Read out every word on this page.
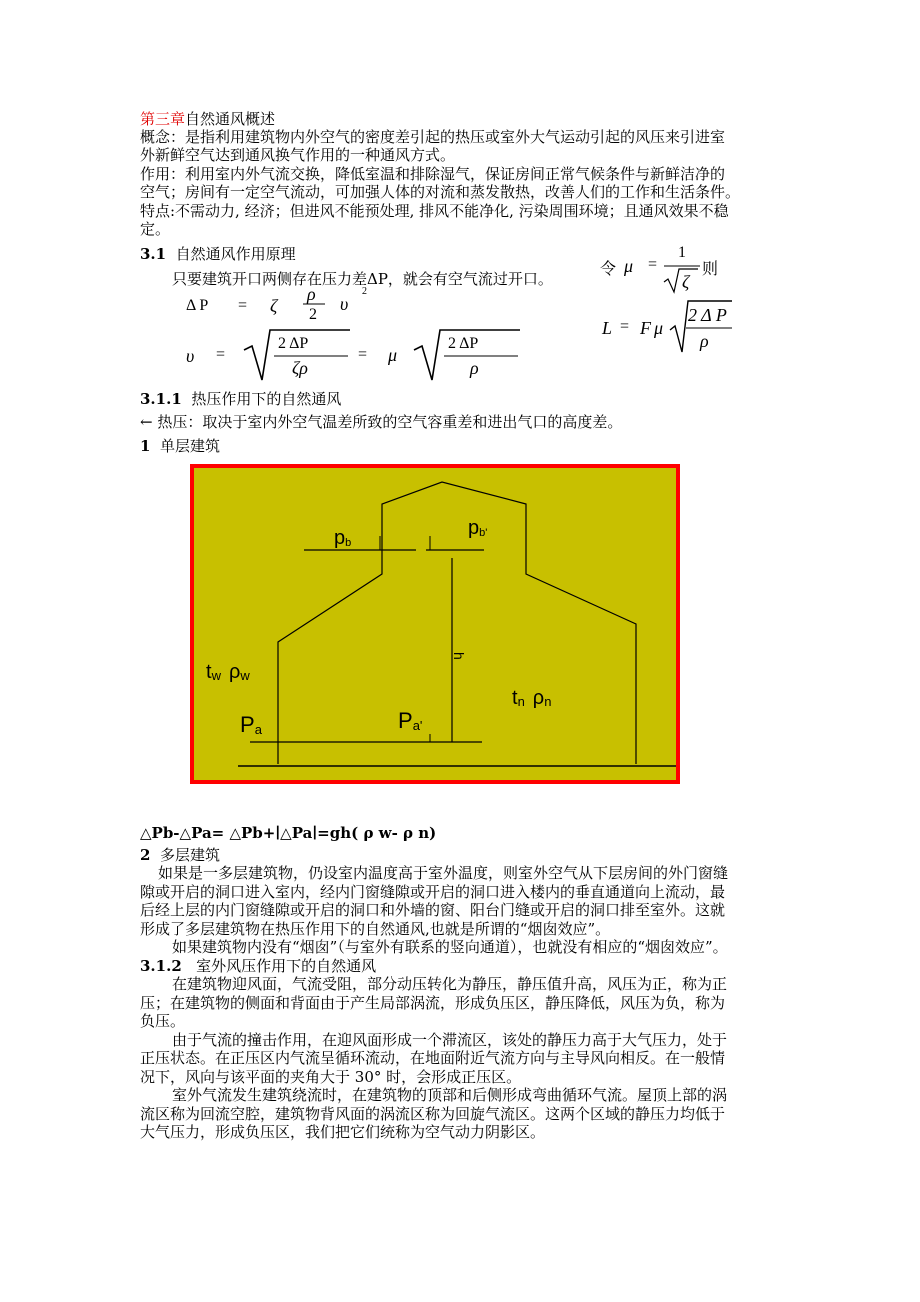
第三章自然通风概述
概念：是指利用建筑物内外空气的密度差引起的热压或室外大气运动引起的风压来引进室
外新鲜空气达到通风换气作用的一种通风方式。
作用：利用室内外气流交换，降低室温和排除湿气，保证房间正常气候条件与新鲜洁净的
空气；房间有一定空气流动，可加强人体的对流和蒸发散热，改善人们的工作和生活条件。
特点:不需动力, 经济；但进风不能预处理, 排风不能净化, 污染周围环境；且通风效果不稳
定。
3.1 自然通风作用原理
只要建筑开口两侧存在压力差ΔP，就会有空气流过开口。
Δ P = ζ
ρ
2
υ
2
υ =
2 ΔP
ζρ
= μ
2 ΔP
ρ
令 μ =
1
ζ
则
L = F μ
2 Δ P
ρ
3.1.1 热压作用下的自然通风
← 热压：取决于室内外空气温差所致的空气容重差和进出气口的高度差。
1 单层建筑
pb
pb'
h
tw ρw
tn ρn
Pa	Pa'
△Pb-△Pa= △Pb+∣△Pa∣=gh( ρ w- ρ n)
2 多层建筑
如果是一多层建筑物，仍设室内温度高于室外温度，则室外空气从下层房间的外门窗缝
隙或开启的洞口进入室内，经内门窗缝隙或开启的洞口进入楼内的垂直通道向上流动，最
后经上层的内门窗缝隙或开启的洞口和外墙的窗、阳台门缝或开启的洞口排至室外。这就
形成了多层建筑物在热压作用下的自然通风,也就是所谓的“烟囱效应”。
如果建筑物内没有“烟囱”（与室外有联系的竖向通道），也就没有相应的“烟囱效应”。
3.1.2 室外风压作用下的自然通风
在建筑物迎风面，气流受阻，部分动压转化为静压，静压值升高，风压为正，称为正
压；在建筑物的侧面和背面由于产生局部涡流，形成负压区，静压降低，风压为负，称为
负压。
由于气流的撞击作用，在迎风面形成一个滞流区，该处的静压力高于大气压力，处于
正压状态。在正压区内气流呈循环流动，在地面附近气流方向与主导风向相反。在一般情
况下，风向与该平面的夹角大于 30° 时，会形成正压区。
室外气流发生建筑绕流时，在建筑物的顶部和后侧形成弯曲循环气流。屋顶上部的涡
流区称为回流空腔，建筑物背风面的涡流区称为回旋气流区。这两个区域的静压力均低于
大气压力，形成负压区，我们把它们统称为空气动力阴影区。
